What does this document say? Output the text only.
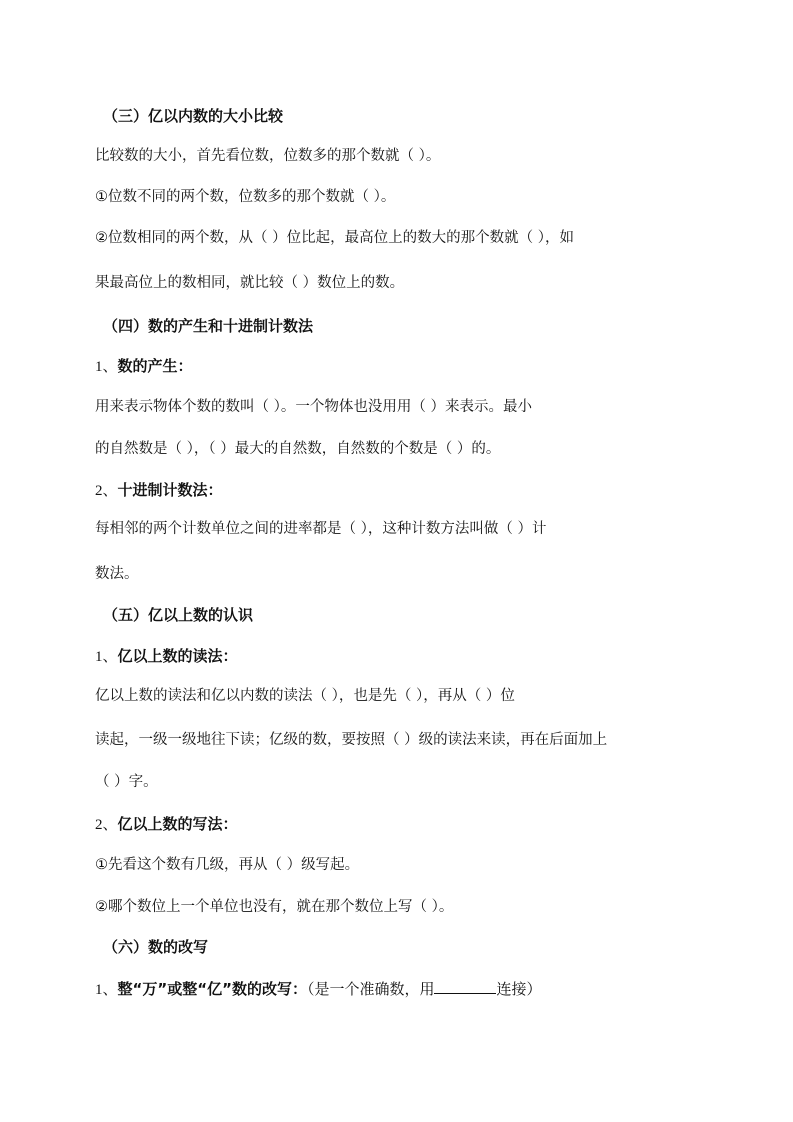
（三）亿以内数的大小比较
比较数的大小，首先看位数，位数多的那个数就（ ）。
①位数不同的两个数，位数多的那个数就（ ）。
②位数相同的两个数，从（ ）位比起，最高位上的数大的那个数就（ ），如
果最高位上的数相同，就比较（ ）数位上的数。
（四）数的产生和十进制计数法
1、数的产生：
用来表示物体个数的数叫（ ）。一个物体也没用用（ ）来表示。最小
的自然数是（ ），（ ）最大的自然数，自然数的个数是（ ）的。
2、十进制计数法：
每相邻的两个计数单位之间的进率都是（ ），这种计数方法叫做（ ）计
数法。
（五）亿以上数的认识
1、亿以上数的读法：
亿以上数的读法和亿以内数的读法（ ），也是先（ ），再从（ ）位
读起，一级一级地往下读；亿级的数，要按照（ ）级的读法来读，再在后面加上
（ ）字。
2、亿以上数的写法：
①先看这个数有几级，再从（ ）级写起。
②哪个数位上一个单位也没有，就在那个数位上写（ ）。
（六）数的改写
1、整“万”或整“亿”数的改写：（是一个准确数，用	连接）
